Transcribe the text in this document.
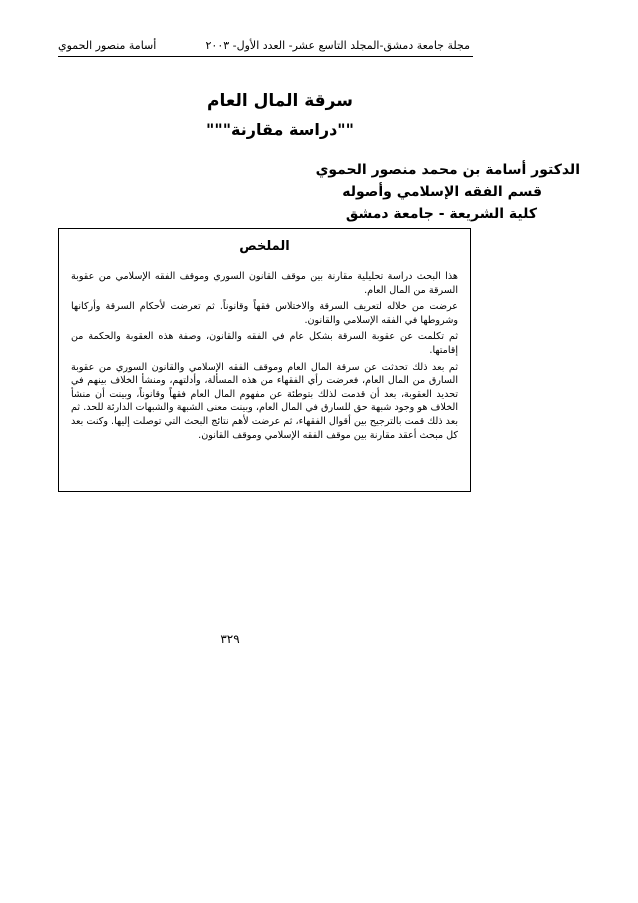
مجلة جامعة دمشق-المجلد التاسع عشر- العدد الأول- ٢٠٠٣
أسامة منصور الحموي
سرقة المال العام
""دراسة مقارنة"""
الدكتور أسامة بن محمد منصور الحموي
قسم الفقه الإسلامي وأصوله
كلية الشريعة - جامعة دمشق
الملخص

هذا البحث دراسة تحليلية مقارنة بين موقف القانون السوري وموقف الفقه الإسلامي من عقوبة السرقة من المال العام.

عرضت من خلاله لتعريف السرقة والاختلاس فقهاً وقانوناً. ثم تعرضت لأحكام السرقة وأركانها وشروطها في الفقه الإسلامي والقانون.

ثم تكلمت عن عقوبة السرقة بشكل عام في الفقه والقانون، وصفة هذه العقوبة والحكمة من إقامتها.

ثم بعد ذلك تحدثت عن سرقة المال العام وموقف الفقه الإسلامي والقانون السوري من عقوبة السارق من المال العام، فعرضت رأي الفقهاء من هذه المسألة، وأدلتهم، ومنشأ الخلاف بينهم في تحديد العقوبة، بعد أن قدمت لذلك بتوطئة عن مفهوم المال العام فقهاً وقانوناً، وبينت أن منشأ الخلاف هو وجود شبهة حق للسارق في المال العام، وبينت معنى الشبهة والشبهات الدارئة للحد. ثم بعد ذلك قمت بالترجيح بين أقوال الفقهاء، ثم عرضت لأهم نتائج البحث التي توصلت إليها. وكنت بعد كل مبحث أعقد مقارنة بين موقف الفقه الإسلامي وموقف القانون.

٣٢٩
